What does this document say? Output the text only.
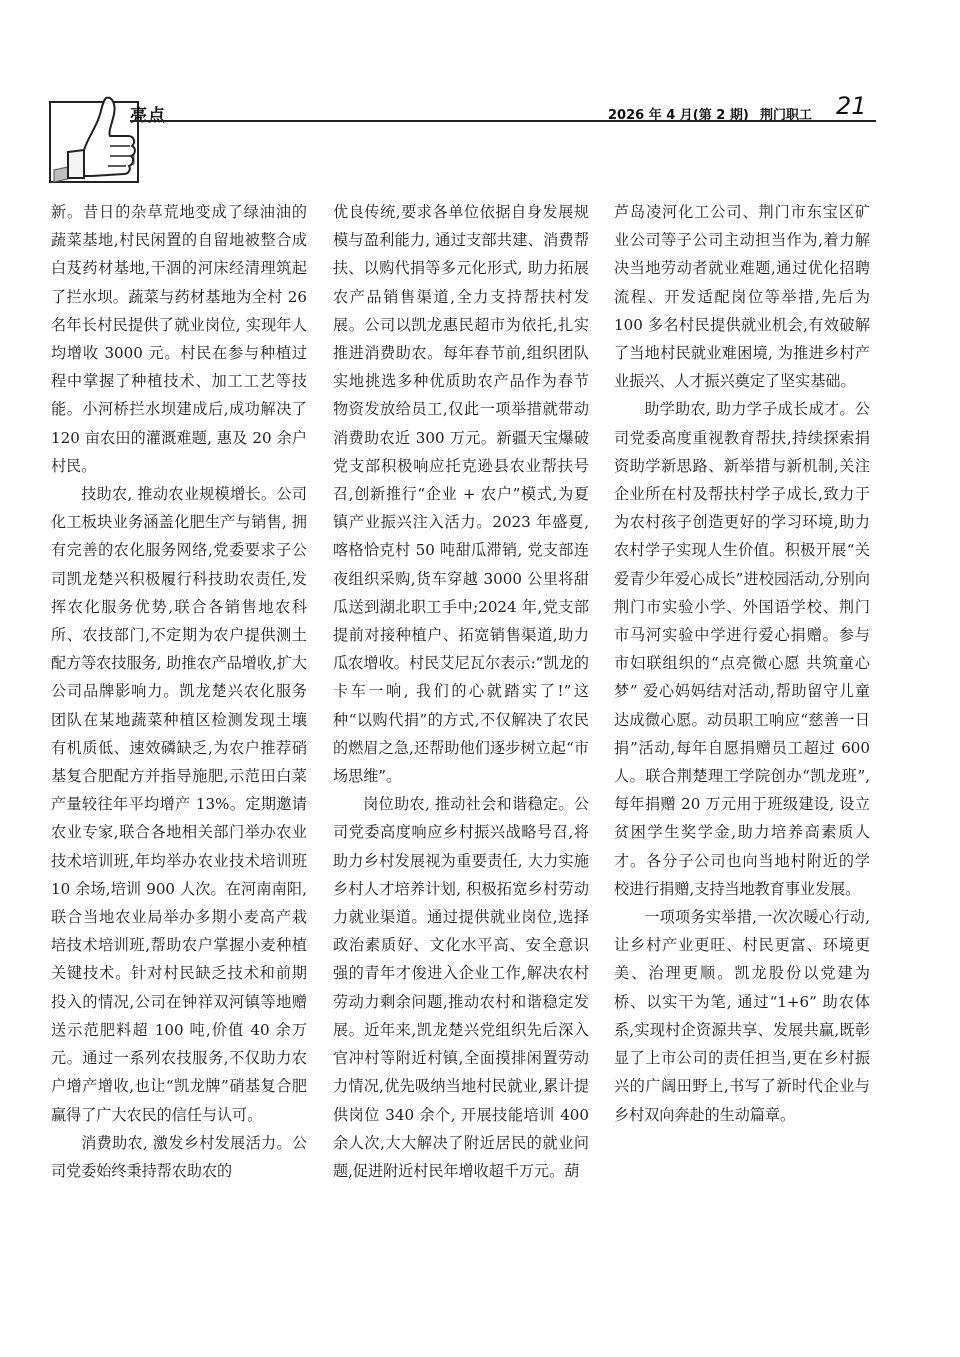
亮点	2026 年 4 月(第 2 期) 荆门职工 21

新。昔日的杂草荒地变成了绿油油的蔬菜基地,村民闲置的自留地被整合成白芨药材基地,干涸的河床经清理筑起了拦水坝。蔬菜与药材基地为全村 26 名年长村民提供了就业岗位, 实现年人均增收 3000 元。村民在参与种植过程中掌握了种植技术、加工工艺等技能。小河桥拦水坝建成后,成功解决了 120 亩农田的灌溉难题, 惠及 20 余户村民。

技助农, 推动农业规模增长。公司化工板块业务涵盖化肥生产与销售, 拥有完善的农化服务网络,党委要求子公司凯龙楚兴积极履行科技助农责任,发挥农化服务优势,联合各销售地农科所、农技部门,不定期为农户提供测土配方等农技服务, 助推农产品增收,扩大公司品牌影响力。凯龙楚兴农化服务团队在某地蔬菜种植区检测发现土壤有机质低、速效磷缺乏,为农户推荐硝基复合肥配方并指导施肥,示范田白菜产量较往年平均增产 13%。定期邀请农业专家,联合各地相关部门举办农业技术培训班,年均举办农业技术培训班 10 余场,培训 900 人次。在河南南阳,联合当地农业局举办多期小麦高产栽培技术培训班,帮助农户掌握小麦种植关键技术。针对村民缺乏技术和前期投入的情况,公司在钟祥双河镇等地赠送示范肥料超 100 吨,价值 40 余万元。通过一系列农技服务,不仅助力农户增产增收,也让“凯龙牌”硝基复合肥赢得了广大农民的信任与认可。

消费助农, 激发乡村发展活力。公司党委始终秉持帮农助农的

优良传统,要求各单位依据自身发展规模与盈利能力, 通过支部共建、消费帮扶、以购代捐等多元化形式, 助力拓展农产品销售渠道,全力支持帮扶村发展。公司以凯龙惠民超市为依托,扎实推进消费助农。每年春节前,组织团队实地挑选多种优质助农产品作为春节物资发放给员工,仅此一项举措就带动消费助农近 300 万元。新疆天宝爆破党支部积极响应托克逊县农业帮扶号召,创新推行“企业 + 农户”模式,为夏镇产业振兴注入活力。2023 年盛夏,喀格恰克村 50 吨甜瓜滞销, 党支部连夜组织采购,货车穿越 3000 公里将甜瓜送到湖北职工手中;2024 年,党支部提前对接种植户、拓宽销售渠道,助力瓜农增收。村民艾尼瓦尔表示:“凯龙的卡车一响, 我们的心就踏实了!”这种“以购代捐”的方式,不仅解决了农民的燃眉之急,还帮助他们逐步树立起“市场思维”。

岗位助农, 推动社会和谐稳定。公司党委高度响应乡村振兴战略号召,将助力乡村发展视为重要责任, 大力实施乡村人才培养计划, 积极拓宽乡村劳动力就业渠道。通过提供就业岗位,选择政治素质好、文化水平高、安全意识强的青年才俊进入企业工作,解决农村劳动力剩余问题,推动农村和谐稳定发展。近年来,凯龙楚兴党组织先后深入官冲村等附近村镇,全面摸排闲置劳动力情况,优先吸纳当地村民就业,累计提供岗位 340 余个, 开展技能培训 400 余人次,大大解决了附近居民的就业问题,促进附近村民年增收超千万元。葫

芦岛凌河化工公司、荆门市东宝区矿业公司等子公司主动担当作为,着力解决当地劳动者就业难题,通过优化招聘流程、开发适配岗位等举措,先后为 100 多名村民提供就业机会,有效破解了当地村民就业难困境, 为推进乡村产业振兴、人才振兴奠定了坚实基础。

助学助农, 助力学子成长成才。公司党委高度重视教育帮扶,持续探索捐资助学新思路、新举措与新机制,关注企业所在村及帮扶村学子成长,致力于为农村孩子创造更好的学习环境,助力农村学子实现人生价值。积极开展“关爱青少年爱心成长”进校园活动,分别向荆门市实验小学、外国语学校、荆门市马河实验中学进行爱心捐赠。参与市妇联组织的“点亮微心愿 共筑童心梦” 爱心妈妈结对活动,帮助留守儿童达成微心愿。动员职工响应“慈善一日捐”活动,每年自愿捐赠员工超过 600 人。联合荆楚理工学院创办“凯龙班”,每年捐赠 20 万元用于班级建设, 设立贫困学生奖学金,助力培养高素质人才。各分子公司也向当地村附近的学校进行捐赠,支持当地教育事业发展。

一项项务实举措,一次次暖心行动,让乡村产业更旺、村民更富、环境更美、治理更顺。凯龙股份以党建为桥、以实干为笔, 通过“1+6” 助农体系,实现村企资源共享、发展共赢,既彰显了上市公司的责任担当,更在乡村振兴的广阔田野上,书写了新时代企业与乡村双向奔赴的生动篇章。
